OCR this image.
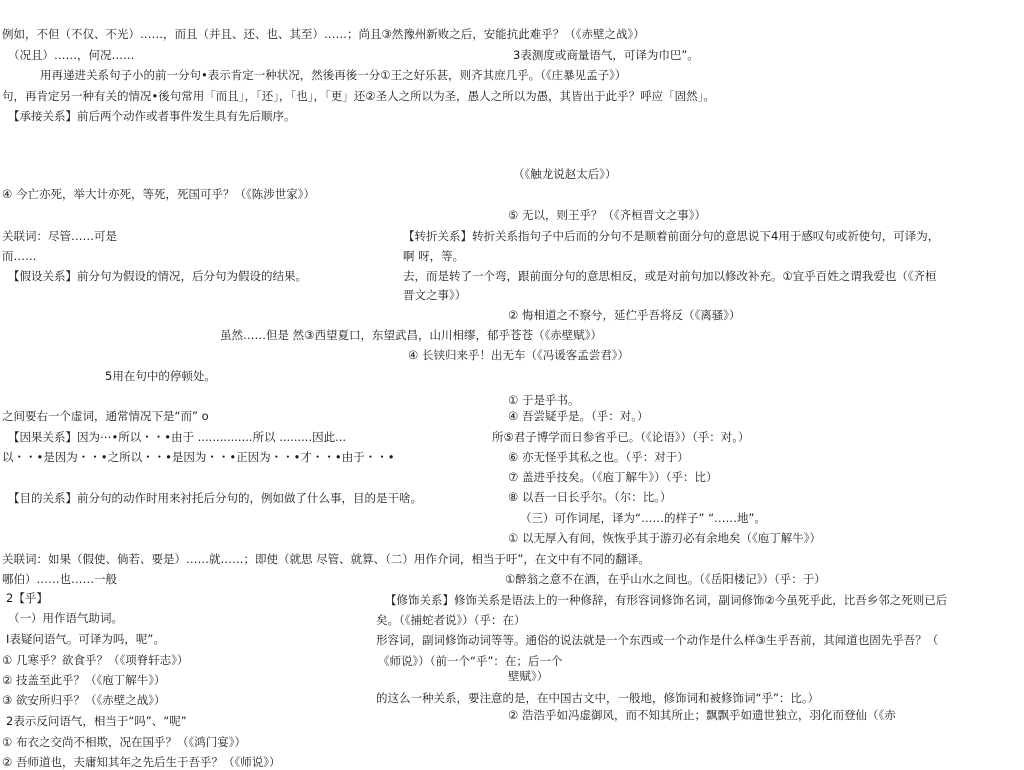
例如，不但（不仅、不光）……，而且（并且、还、也、其至）……；尚且③然豫州新败之后，安能抗此难乎？（《赤壁之战》）
（况且）……，何况……	3表测度或商量语气，可译为巾巴”。
用再递进关系句子小的前一分句•表示肯定一种状况，然後再後一分①王之好乐甚，则齐其庶几乎。（《庄暴见孟子》）
句，再肯定另一种有关的情况•後句常用「而且」，「还」，「也」，「更」还②圣人之所以为圣，愚人之所以为愚，其皆出于此乎？呼应「固然」。
【承接关系】前后两个动作或者事件发生具有先后顺序。
（《触龙说赵太后》）
④ 今亡亦死，举大计亦死，等死，死国可乎？（《陈涉世家》）
⑤ 无以，则王乎？（《齐桓晋文之事》）
关联词：尽管……可是	【转折关系】转折关系指句子中后而的分句不是顺着前面分句的意思说下4用于感叹句或祈使句，可译为，
而……	啊 呀，等。
【假设关系】前分句为假设的情况，后分句为假设的结果。	去，而是转了一个弯，跟前面分句的意思相反，或是对前句加以修改补充。①宜乎百姓之谓我爱也（《齐桓
晋文之事》）
② 悔相道之不察兮，延伫乎吾将反（《离骚》）
虽然……但是 然③西望夏口，东望武昌，山川相缪，郁乎苍苍（《赤壁赋》）
④ 长铗归来乎！出无车（《冯谖客孟尝君》）
5用在句中的停顿处。
① 于是乎书。
之间要右一个虚词，通常情况下是“而” o	④ 吾尝疑乎是。（乎：对。）
【因果关系】因为⋯•所以・・•由于 ...............所以 .........因此...	所⑤君子博学而日参省乎已。（《论语》）（乎：对。）
以・・•是因为・・•之所以・・•是因为・・•正因为・・•才・・•由于・・•	⑥ 亦无怪乎其私之也。（乎：对于）
⑦ 盖进乎技矣。（《庖丁解牛》）（乎：比）
【目的关系】前分句的动作时用来衬托后分句的，例如做了什么事，目的是干啥。	⑧ 以吾一日长乎尔。（尔：比。）
（三）可作词尾，译为“……的样子” “……地”。
① 以无厚入有间，恢恢乎其于游刃必有余地矣（《庖丁解牛》）
关联词：如果（假使、倘若、要是）……就……；即使（就思 尽管、就算、（二）用作介词，相当于吁”，在文中有不同的翻译。
哪伯）……也……一般	①醉翁之意不在酒，在乎山水之间也。（《岳阳楼记》）（乎：于）
2【乎】	【修饰关系】修饰关系是语法上的一种修辞，有形容词修饰名词，副词修饰②今虽死乎此，比吾乡邻之死则已后
（一）用作语气助词。	矣。（《捕蛇者说》）（乎：在）
I表疑问语气。可译为吗，呢”。	形容词，副词修饰动词等等。通俗的说法就是一个东西或一个动作是什么样③生乎吾前，其闻道也固先乎吾？（
① 几寒乎？欲食乎？（《项脊轩志》）	《师说》）（前一个“乎”：在；后一个
② 技盖至此乎？（《庖丁解牛》）	壁赋》）
③ 欲安所归乎？（《赤壁之战》）	的这么一种关系，要注意的是，在中国古文中，一般地，修饰词和被修饰词“乎”：比。）
2表示反问语气，相当于“吗”、“呢”	② 浩浩乎如冯虚御风，而不知其所止；飘飘乎如遗世独立，羽化而登仙（《赤
① 布衣之交尚不相欺，况在国乎？（《鸿门宴》）
② 吾师道也，夫庸知其年之先后生于吾乎？（《师说》）
